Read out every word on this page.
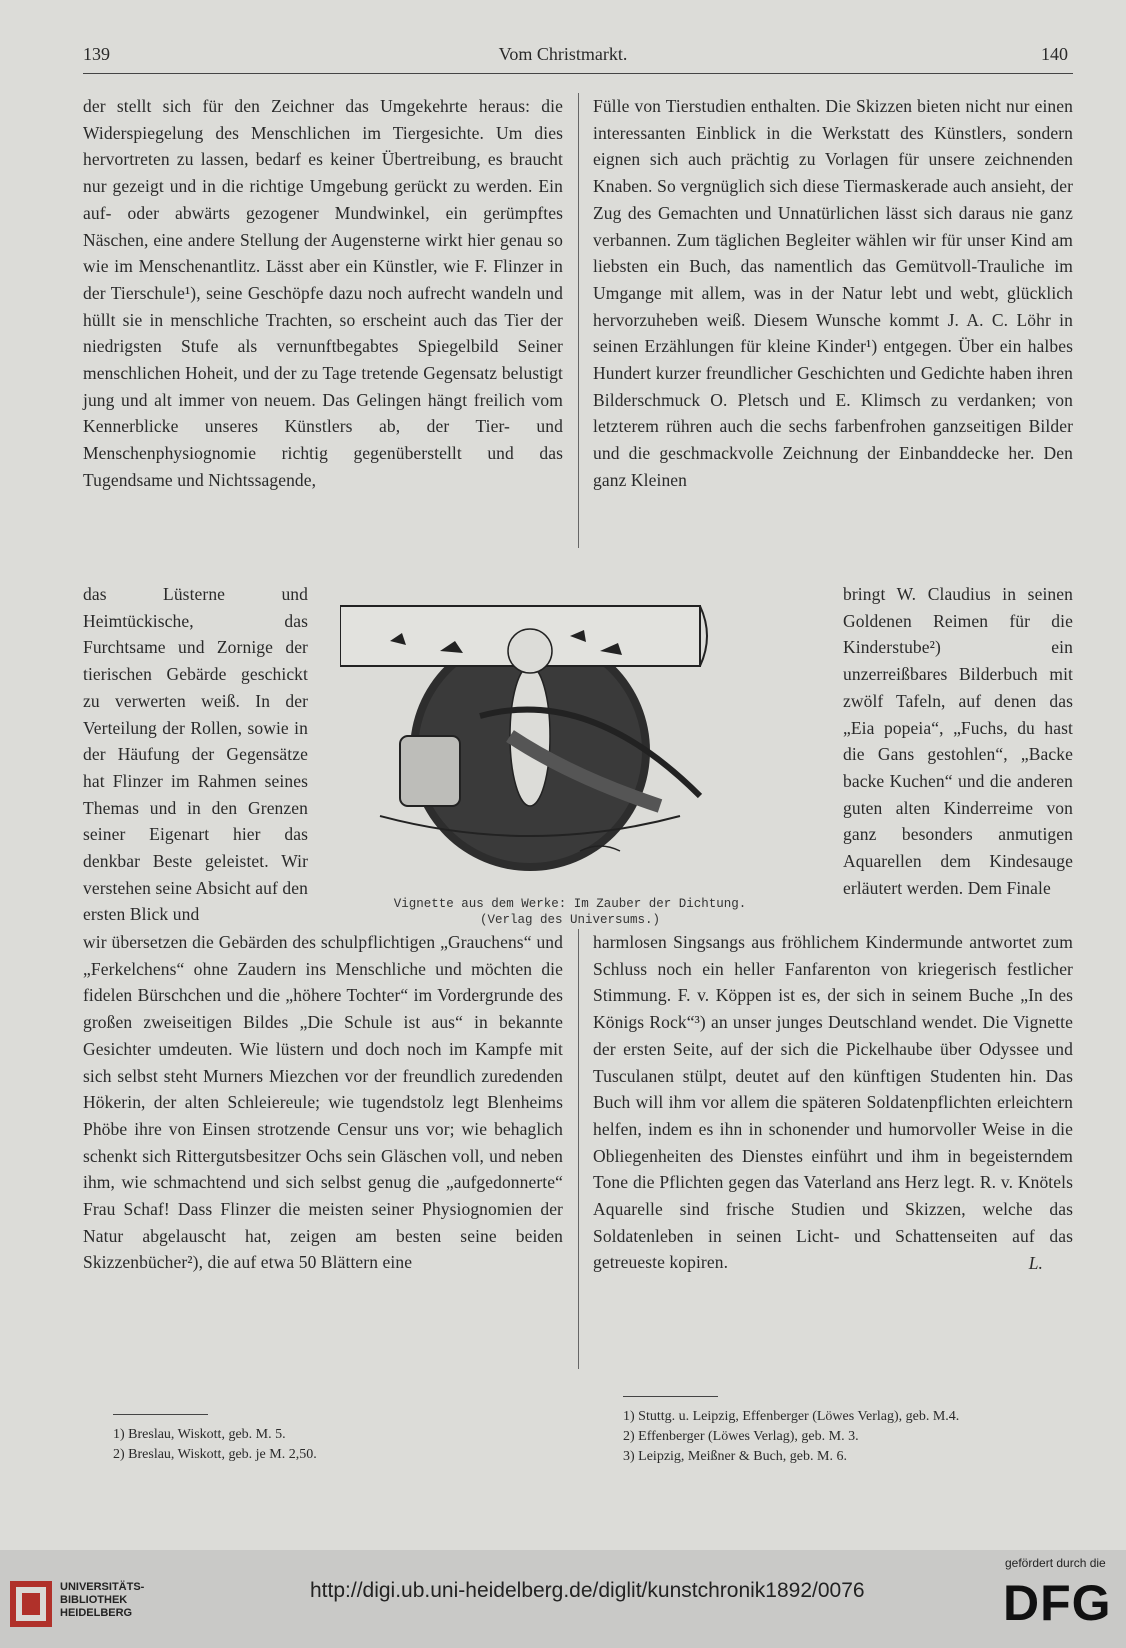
139	Vom Christmarkt.	140

der stellt sich für den Zeichner das Umgekehrte heraus: die Widerspiegelung des Menschlichen im Tiergesichte. Um dies hervortreten zu lassen, bedarf es keiner Übertreibung, es braucht nur gezeigt und in die richtige Umgebung gerückt zu werden. Ein auf- oder abwärts gezogener Mundwinkel, ein gerümpftes Näschen, eine andere Stellung der Augensterne wirkt hier genau so wie im Menschenantlitz. Lässt aber ein Künstler, wie F. Flinzer in der Tierschule¹), seine Geschöpfe dazu noch aufrecht wandeln und hüllt sie in menschliche Trachten, so erscheint auch das Tier der niedrigsten Stufe als vernunftbegabtes Spiegelbild Seiner menschlichen Hoheit, und der zu Tage tretende Gegensatz belustigt jung und alt immer von neuem. Das Gelingen hängt freilich vom Kennerblicke unseres Künstlers ab, der Tier- und Menschenphysiognomie richtig gegenüberstellt und das Tugendsame und Nichtssagende,

Fülle von Tierstudien enthalten. Die Skizzen bieten nicht nur einen interessanten Einblick in die Werkstatt des Künstlers, sondern eignen sich auch prächtig zu Vorlagen für unsere zeichnenden Knaben. So vergnüglich sich diese Tiermaskerade auch ansieht, der Zug des Gemachten und Unnatürlichen lässt sich daraus nie ganz verbannen. Zum täglichen Begleiter wählen wir für unser Kind am liebsten ein Buch, das namentlich das Gemütvoll-Trauliche im Umgange mit allem, was in der Natur lebt und webt, glücklich hervorzuheben weiß. Diesem Wunsche kommt J. A. C. Löhr in seinen Erzählungen für kleine Kinder¹) entgegen. Über ein halbes Hundert kurzer freundlicher Geschichten und Gedichte haben ihren Bilderschmuck O. Pletsch und E. Klimsch zu verdanken; von letzterem rühren auch die sechs farbenfrohen ganzseitigen Bilder und die geschmackvolle Zeichnung der Einbanddecke her. Den ganz Kleinen

das Lüsterne und Heimtückische, das Furchtsame und Zornige der tierischen Gebärde geschickt zu verwerten weiß. In der Verteilung der Rollen, sowie in der Häufung der Gegensätze hat Flinzer im Rahmen seines Themas und in den Grenzen seiner Eigenart hier das denkbar Beste geleistet. Wir verstehen seine Absicht auf den ersten Blick und

bringt W. Claudius in seinen Goldenen Reimen für die Kinderstube²) ein unzerreißbares Bilderbuch mit zwölf Tafeln, auf denen das „Eia popeia“, „Fuchs, du hast die Gans gestohlen“, „Backe backe Kuchen“ und die anderen guten alten Kinderreime von ganz besonders anmutigen Aquarellen dem Kindesauge erläutert werden. Dem Finale

Vignette aus dem Werke: Im Zauber der Dichtung.
(Verlag des Universums.)

wir übersetzen die Gebärden des schulpflichtigen „Grauchens“ und „Ferkelchens“ ohne Zaudern ins Menschliche und möchten die fidelen Bürschchen und die „höhere Tochter“ im Vordergrunde des großen zweiseitigen Bildes „Die Schule ist aus“ in bekannte Gesichter umdeuten. Wie lüstern und doch noch im Kampfe mit sich selbst steht Murners Miezchen vor der freundlich zuredenden Hökerin, der alten Schleiereule; wie tugendstolz legt Blenheims Phöbe ihre von Einsen strotzende Censur uns vor; wie behaglich schenkt sich Rittergutsbesitzer Ochs sein Gläschen voll, und neben ihm, wie schmachtend und sich selbst genug die „aufgedonnerte“ Frau Schaf! Dass Flinzer die meisten seiner Physiognomien der Natur abgelauscht hat, zeigen am besten seine beiden Skizzenbücher²), die auf etwa 50 Blättern eine

harmlosen Singsangs aus fröhlichem Kindermunde antwortet zum Schluss noch ein heller Fanfarenton von kriegerisch festlicher Stimmung. F. v. Köppen ist es, der sich in seinem Buche „In des Königs Rock“³) an unser junges Deutschland wendet. Die Vignette der ersten Seite, auf der sich die Pickelhaube über Odyssee und Tusculanen stülpt, deutet auf den künftigen Studenten hin. Das Buch will ihm vor allem die späteren Soldatenpflichten erleichtern helfen, indem es ihn in schonender und humorvoller Weise in die Obliegenheiten des Dienstes einführt und ihm in begeisterndem Tone die Pflichten gegen das Vaterland ans Herz legt. R. v. Knötels Aquarelle sind frische Studien und Skizzen, welche das Soldatenleben in seinen Licht- und Schattenseiten auf das getreueste kopiren.	L.

1) Breslau, Wiskott, geb. M. 5.
2) Breslau, Wiskott, geb. je M. 2,50.
1) Stuttg. u. Leipzig, Effenberger (Löwes Verlag), geb. M.4.
2) Effenberger (Löwes Verlag), geb. M. 3.
3) Leipzig, Meißner & Buch, geb. M. 6.
UNIVERSITÄTS-
BIBLIOTHEK
HEIDELBERG
http://digi.ub.uni-heidelberg.de/diglit/kunstchronik1892/0076
gefördert durch die
DFG
